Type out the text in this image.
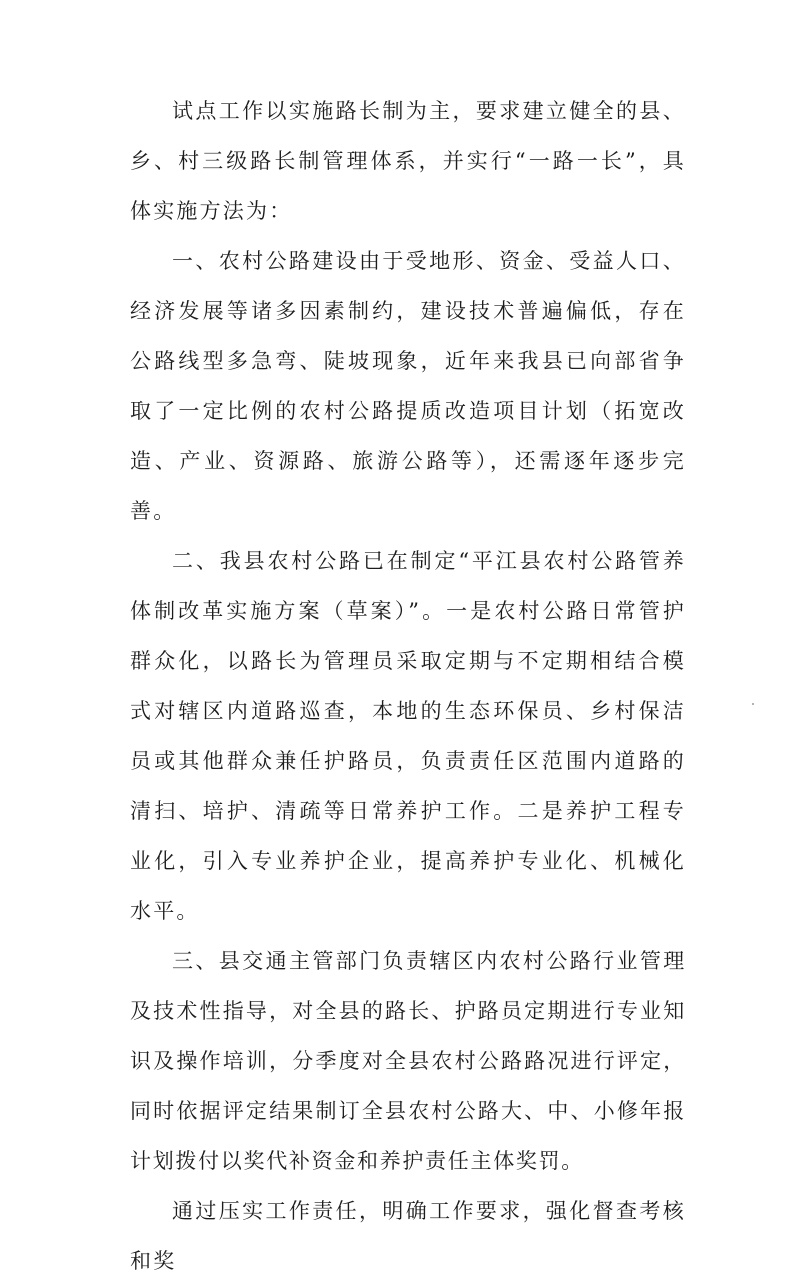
试点工作以实施路长制为主，要求建立健全的县、乡、村三级路长制管理体系，并实行“一路一长”，具体实施方法为：

一、农村公路建设由于受地形、资金、受益人口、经济发展等诸多因素制约，建设技术普遍偏低，存在公路线型多急弯、陡坡现象，近年来我县已向部省争取了一定比例的农村公路提质改造项目计划（拓宽改造、产业、资源路、旅游公路等），还需逐年逐步完善。

二、我县农村公路已在制定“平江县农村公路管养体制改革实施方案（草案）”。一是农村公路日常管护群众化，以路长为管理员采取定期与不定期相结合模式对辖区内道路巡查，本地的生态环保员、乡村保洁员或其他群众兼任护路员，负责责任区范围内道路的清扫、培护、清疏等日常养护工作。二是养护工程专业化，引入专业养护企业，提高养护专业化、机械化水平。

三、县交通主管部门负责辖区内农村公路行业管理及技术性指导，对全县的路长、护路员定期进行专业知识及操作培训，分季度对全县农村公路路况进行评定，同时依据评定结果制订全县农村公路大、中、小修年报计划拨付以奖代补资金和养护责任主体奖罚。

通过压实工作责任，明确工作要求，强化督查考核和奖
